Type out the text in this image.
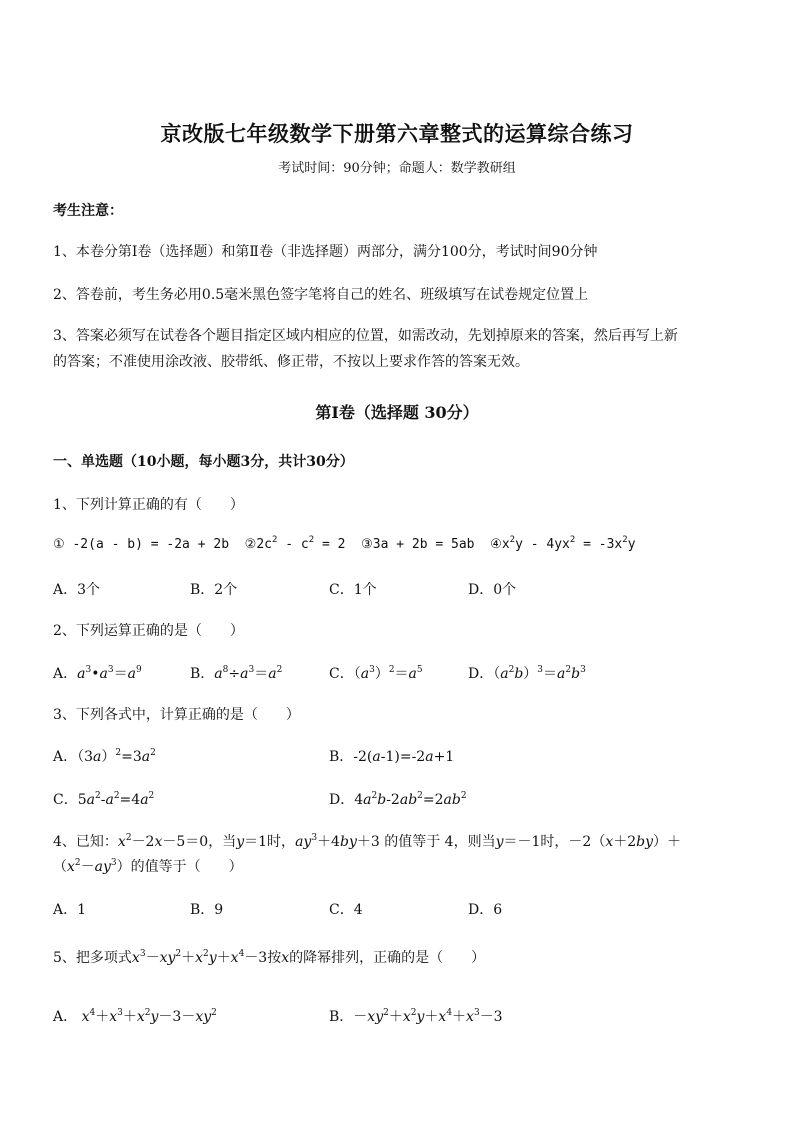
京改版七年级数学下册第六章整式的运算综合练习
考试时间：90分钟；命题人：数学教研组
考生注意：
1、本卷分第Ⅰ卷（选择题）和第Ⅱ卷（非选择题）两部分，满分100分，考试时间90分钟
2、答卷前，考生务必用0.5毫米黑色签字笔将自己的姓名、班级填写在试卷规定位置上
3、答案必须写在试卷各个题目指定区域内相应的位置，如需改动，先划掉原来的答案，然后再写上新
的答案；不准使用涂改液、胶带纸、修正带，不按以上要求作答的答案无效。
第Ⅰ卷（选择题 30分）
一、单选题（10小题，每小题3分，共计30分）
1、下列计算正确的有（　　）
① -2(a - b) = -2a + 2b $②2c^2 - c^2 = 2$ ③3a + 2b = 5ab $④x^2y - 4yx^2 = -3x^2y$
A．3个	B．2个	C．1个	D．0个
2、下列运算正确的是（　　）
A．$a^3•a^3=a^9$	B．$a^8\div a^3=a^2$	C．$(a^3)^2=a^5$	D．$(a^2b)^3=a^2b^3$
3、下列各式中，计算正确的是（　　）
A．$(3a)^2=3a^2$	B．-2(a-1)=-2a+1
C．$5a^2-a^2=4a^2$	D．$4a^2b-2ab^2=2ab^2$
4、已知：$x^2-2x-5=0$，当y＝1时，$ay^3+4by+3$ 的值等于 4，则当y＝－1时，－2（x＋2by）＋
$(x^2-ay^3)$的值等于（　　）
A．1	B．9	C．4	D．6
5、把多项式$x^3-xy^2+x^2y+x^4-3$按x的降幂排列，正确的是（　　）
A． $x^4+x^3+x^2y-3-xy^2$	B．$-xy^2+x^2y+x^4+x^3-3$
